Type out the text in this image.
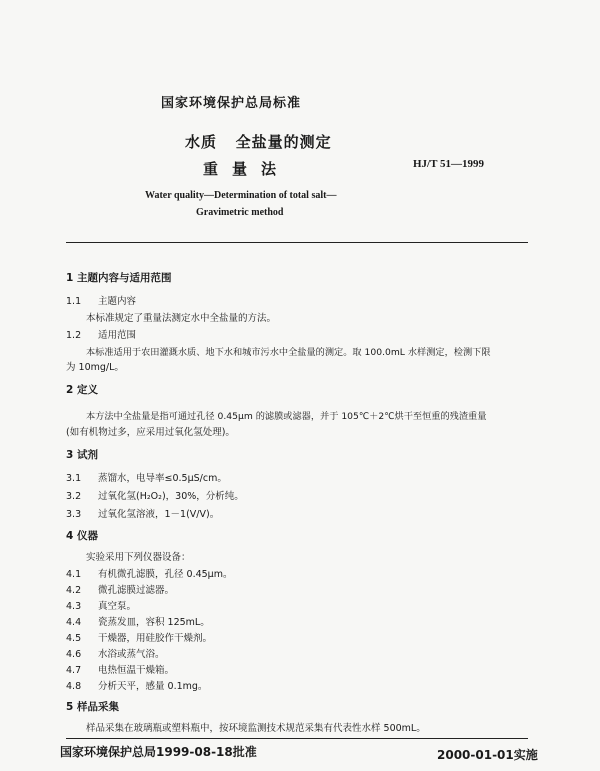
国家环境保护总局标准
水质   全盐量的测定
重量法	HJ/T 51—1999
Water quality—Determination of total salt—
Gravimetric method
1 主题内容与适用范围
1.1 主题内容
本标准规定了重量法测定水中全盐量的方法。
1.2 适用范围
本标准适用于农田灌溉水质、地下水和城市污水中全盐量的测定。取 100.0mL 水样测定，检测下限
为 10mg/L。
2 定义
本方法中全盐量是指可通过孔径 0.45μm 的滤膜或滤器，并于 105℃＋2℃烘干至恒重的残渣重量
(如有机物过多，应采用过氧化氢处理)。
3 试剂
3.1 蒸馏水，电导率≤0.5μS/cm。
3.2 过氧化氢(H₂O₂)，30%，分析纯。
3.3 过氧化氢溶液，1－1(V/V)。
4 仪器
实验采用下列仪器设备：
4.1 有机微孔滤膜，孔径 0.45μm。
4.2 微孔滤膜过滤器。
4.3 真空泵。
4.4 瓷蒸发皿，容积 125mL。
4.5 干燥器，用硅胶作干燥剂。
4.6 水浴或蒸气浴。
4.7 电热恒温干燥箱。
4.8 分析天平，感量 0.1mg。
5 样品采集
样品采集在玻璃瓶或塑料瓶中，按环境监测技术规范采集有代表性水样 500mL。
国家环境保护总局1999-08-18批准	2000-01-01实施
